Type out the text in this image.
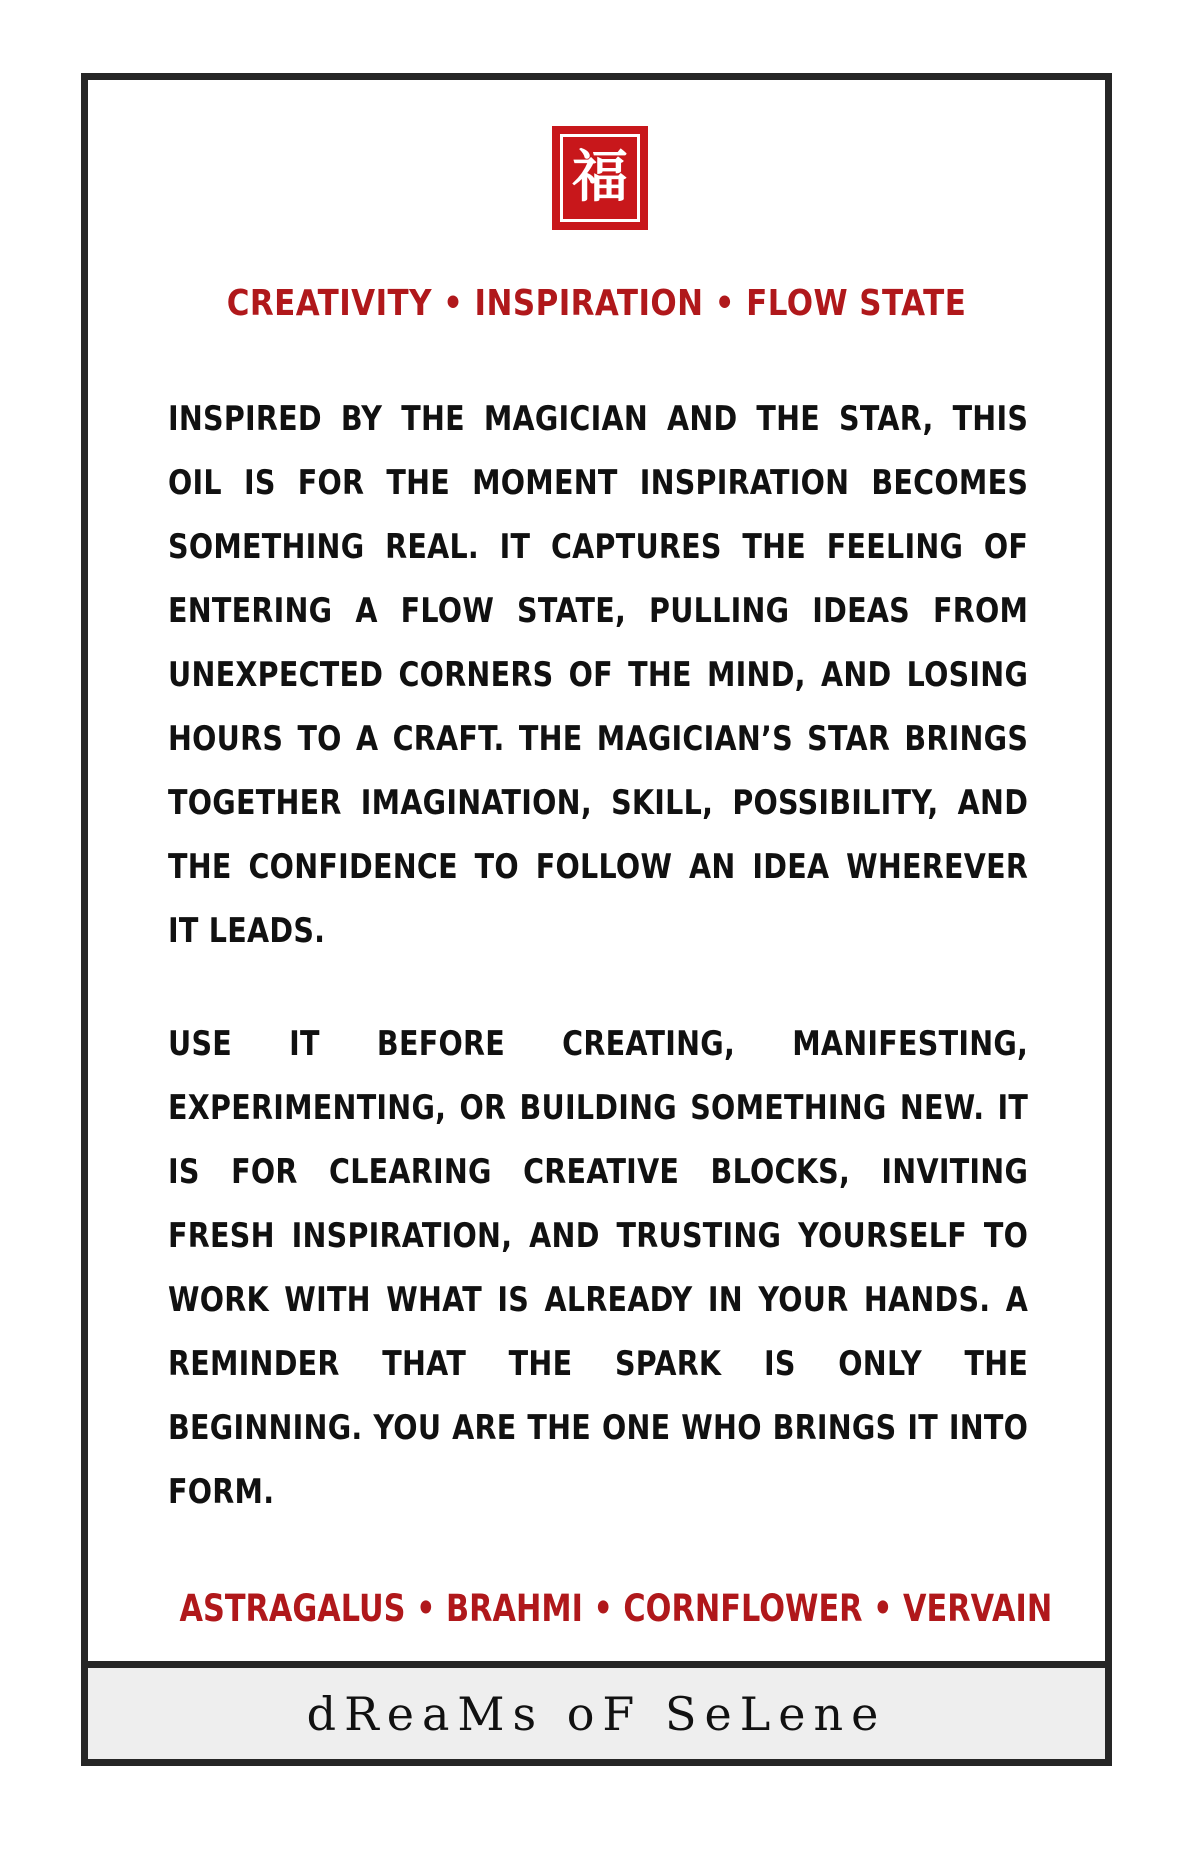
福
CREATIVITY • INSPIRATION • FLOW STATE
INSPIRED BY THE MAGICIAN AND THE STAR, THIS OIL IS FOR THE MOMENT INSPIRATION BECOMES SOMETHING REAL. IT CAPTURES THE FEELING OF ENTERING A FLOW STATE, PULLING IDEAS FROM UNEXPECTED CORNERS OF THE MIND, AND LOSING HOURS TO A CRAFT. THE MAGICIAN’S STAR BRINGS TOGETHER IMAGINATION, SKILL, POSSIBILITY, AND THE CONFIDENCE TO FOLLOW AN IDEA WHEREVER IT LEADS.
USE IT BEFORE CREATING, MANIFESTING, EXPERIMENTING, OR BUILDING SOMETHING NEW. IT IS FOR CLEARING CREATIVE BLOCKS, INVITING FRESH INSPIRATION, AND TRUSTING YOURSELF TO WORK WITH WHAT IS ALREADY IN YOUR HANDS. A REMINDER THAT THE SPARK IS ONLY THE BEGINNING. YOU ARE THE ONE WHO BRINGS IT INTO FORM.
ASTRAGALUS • BRAHMI • CORNFLOWER • VERVAIN
dReaMs oF SeLene
